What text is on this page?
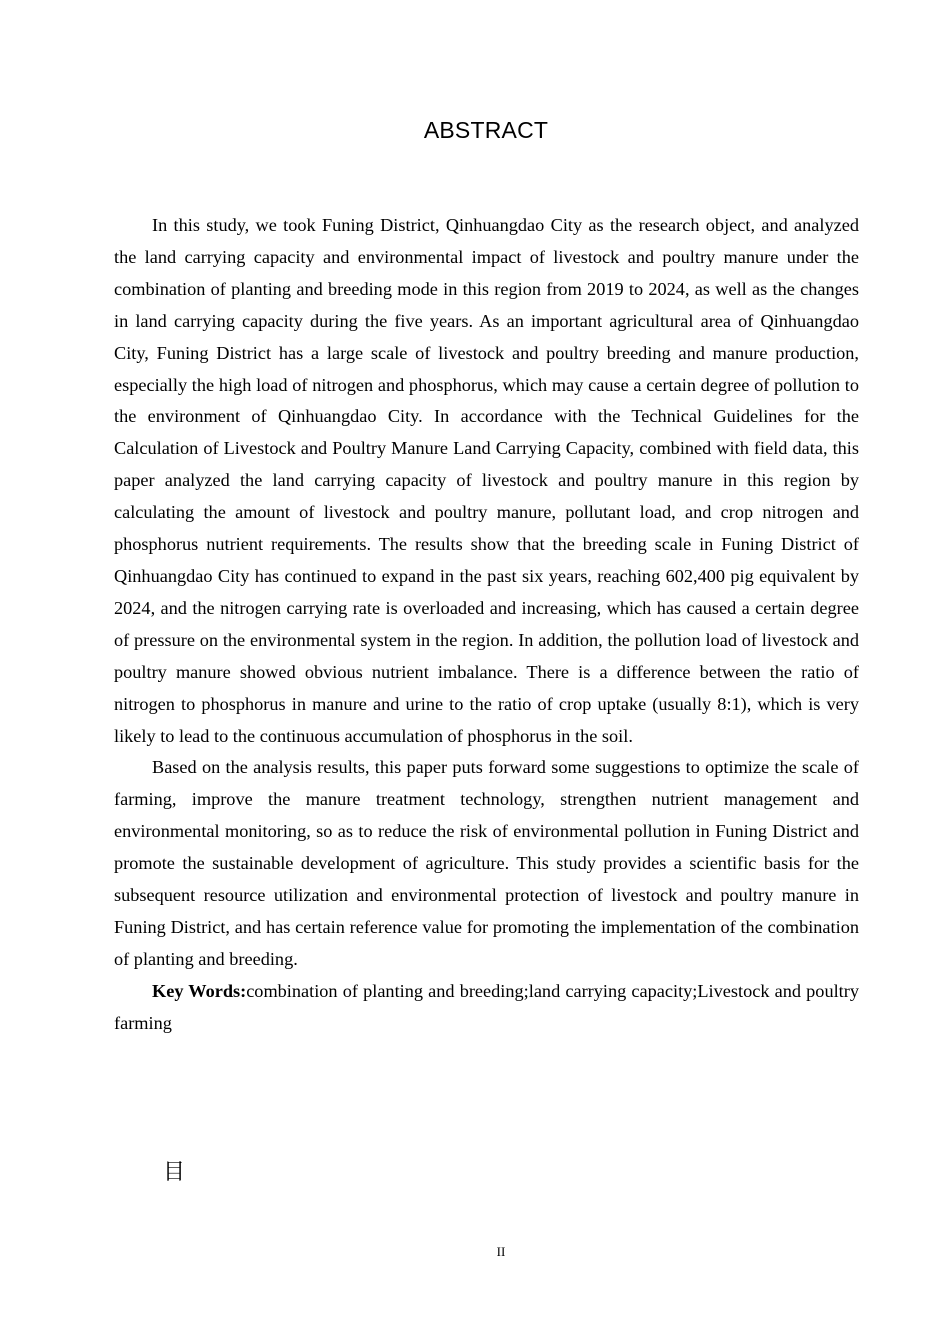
ABSTRACT

In this study, we took Funing District, Qinhuangdao City as the research object, and analyzed the land carrying capacity and environmental impact of livestock and poultry manure under the combination of planting and breeding mode in this region from 2019 to 2024, as well as the changes in land carrying capacity during the five years. As an important agricultural area of Qinhuangdao City, Funing District has a large scale of livestock and poultry breeding and manure production, especially the high load of nitrogen and phosphorus, which may cause a certain degree of pollution to the environment of Qinhuangdao City. In accordance with the Technical Guidelines for the Calculation of Livestock and Poultry Manure Land Carrying Capacity, combined with field data, this paper analyzed the land carrying capacity of livestock and poultry manure in this region by calculating the amount of livestock and poultry manure, pollutant load, and crop nitrogen and phosphorus nutrient requirements. The results show that the breeding scale in Funing District of Qinhuangdao City has continued to expand in the past six years, reaching 602,400 pig equivalent by 2024, and the nitrogen carrying rate is overloaded and increasing, which has caused a certain degree of pressure on the environmental system in the region. In addition, the pollution load of livestock and poultry manure showed obvious nutrient imbalance. There is a difference between the ratio of nitrogen to phosphorus in manure and urine to the ratio of crop uptake (usually 8:1), which is very likely to lead to the continuous accumulation of phosphorus in the soil.

Based on the analysis results, this paper puts forward some suggestions to optimize the scale of farming, improve the manure treatment technology, strengthen nutrient management and environmental monitoring, so as to reduce the risk of environmental pollution in Funing District and promote the sustainable development of agriculture. This study provides a scientific basis for the subsequent resource utilization and environmental protection of livestock and poultry manure in Funing District, and has certain reference value for promoting the implementation of the combination of planting and breeding.

Key Words:combination of planting and breeding;land carrying capacity;Livestock and poultry farming

目
II
